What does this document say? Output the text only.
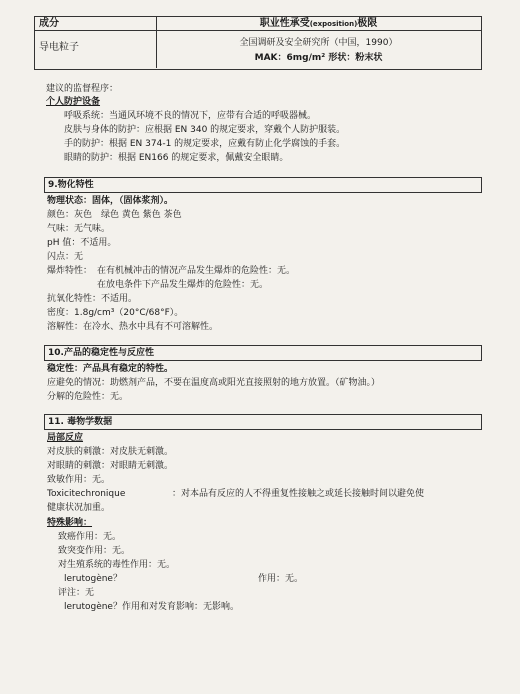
成分	职业性承受(exposition)极限
导电粒子	全国调研及安全研究所（中国，1990）
MAK：6mg/m² 形状：粉末状
建议的监督程序：
个人防护设备
呼吸系统：当通风环境不良的情况下，应带有合适的呼吸器械。
皮肤与身体的防护：应根据 EN 340 的规定要求，穿戴个人防护服装。
手的防护：根据 EN 374-1 的规定要求，应戴有防止化学腐蚀的手套。
眼睛的防护：根据 EN166 的规定要求，佩戴安全眼睛。
9.物化特性
物理状态：固体，（固体浆剂）。
颜色：灰色　绿色 黄色 紫色 茶色
气味：无气味。
pH 值：不适用。
闪点：无
爆炸特性： 在有机械冲击的情况产品发生爆炸的危险性：无。
在放电条件下产品发生爆炸的危险性：无。
抗氧化特性：不适用。
密度：1.8g/cm³（20°C/68°F）。
溶解性：在冷水、热水中具有不可溶解性。
10.产品的稳定性与反应性
稳定性：产品具有稳定的特性。
应避免的情况：助燃剂产品，不要在温度高或阳光直接照射的地方放置。（矿物油。）
分解的危险性：无。
11. 毒物学数据
局部反应
对皮肤的刺激：对皮肤无刺激。
对眼睛的刺激：对眼睛无刺激。
致敏作用：无。
Toxicitechronique	：对本品有反应的人不得重复性接触之或延长接触时间以避免使
健康状况加重。
特殊影响：
致癌作用：无。
致突变作用：无。
对生殖系统的毒性作用：无。
lerutogène？	作用：无。
评注：无
lerutogène？作用和对发育影响：无影响。
